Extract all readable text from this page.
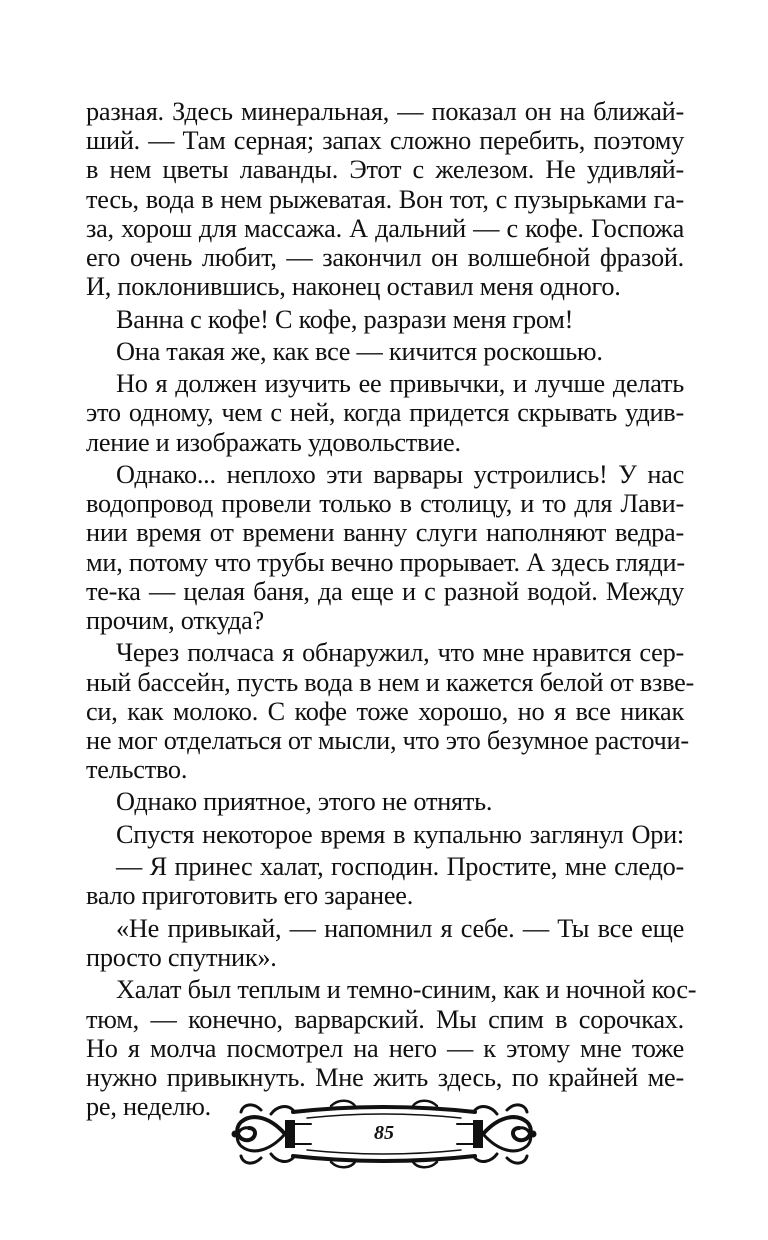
разная. Здесь минеральная, — показал он на ближай-
ший. — Там серная; запах сложно перебить, поэтому
в нем цветы лаванды. Этот с железом. Не удивляй-
тесь, вода в нем рыжеватая. Вон тот, с пузырьками га-
за, хорош для массажа. А дальний — с кофе. Госпожа
его очень любит, — закончил он волшебной фразой.
И, поклонившись, наконец оставил меня одного.
Ванна с кофе! С кофе, разрази меня гром!
Она такая же, как все — кичится роскошью.
Но я должен изучить ее привычки, и лучше делать
это одному, чем с ней, когда придется скрывать удив-
ление и изображать удовольствие.
Однако... неплохо эти варвары устроились! У нас
водопровод провели только в столицу, и то для Лави-
нии время от времени ванну слуги наполняют ведра-
ми, потому что трубы вечно прорывает. А здесь гляди-
те-ка — целая баня, да еще и с разной водой. Между
прочим, откуда?
Через полчаса я обнаружил, что мне нравится сер-
ный бассейн, пусть вода в нем и кажется белой от взве-
си, как молоко. С кофе тоже хорошо, но я все никак
не мог отделаться от мысли, что это безумное расточи-
тельство.
Однако приятное, этого не отнять.
Спустя некоторое время в купальню заглянул Ори:
— Я принес халат, господин. Простите, мне следо-
вало приготовить его заранее.
«Не привыкай, — напомнил я себе. — Ты все еще
просто спутник».
Халат был теплым и темно-синим, как и ночной кос-
тюм, — конечно, варварский. Мы спим в сорочках.
Но я молча посмотрел на него — к этому мне тоже
нужно привыкнуть. Мне жить здесь, по крайней ме-
ре, неделю.
85
